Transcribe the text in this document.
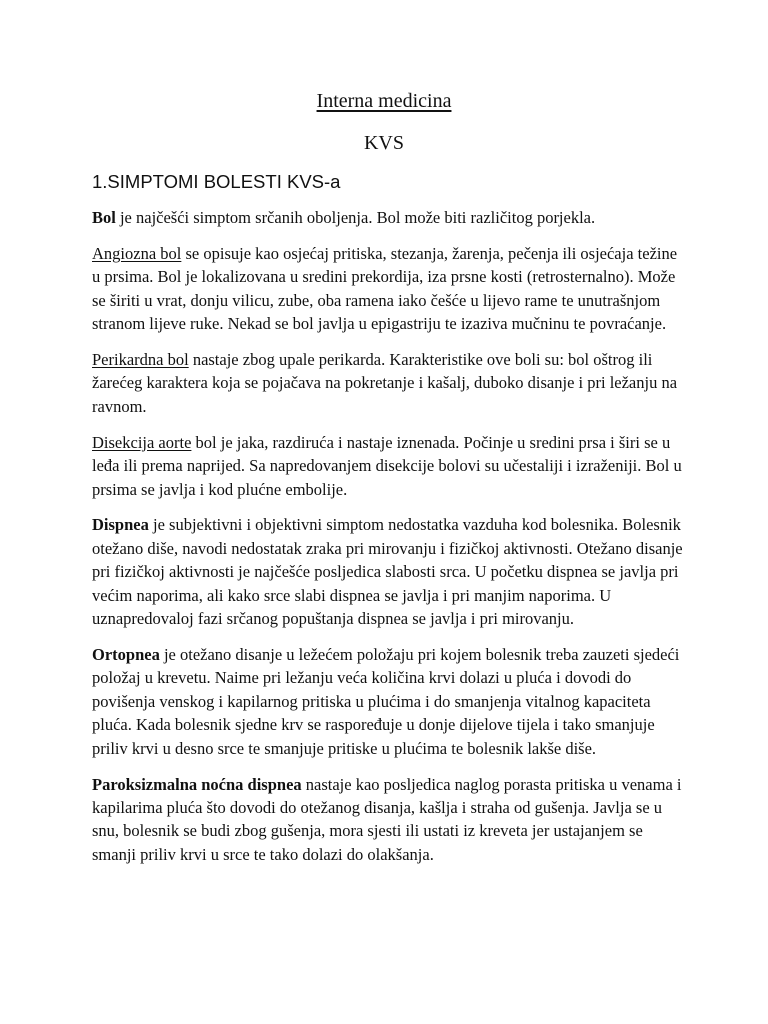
Interna medicina
KVS
1.SIMPTOMI BOLESTI KVS-a

Bol je najčešći simptom srčanih oboljenja. Bol može biti različitog porjekla.

Angiozna bol se opisuje kao osjećaj pritiska, stezanja, žarenja, pečenja ili osjećaja težine u prsima. Bol je lokalizovana u sredini prekordija, iza prsne kosti (retrosternalno). Može se širiti u vrat, donju vilicu, zube, oba ramena iako češće u lijevo rame te unutrašnjom stranom lijeve ruke. Nekad se bol javlja u epigastriju te izaziva mučninu te povraćanje.

Perikardna bol nastaje zbog upale perikarda. Karakteristike ove boli su: bol oštrog ili žarećeg karaktera koja se pojačava na pokretanje i kašalj, duboko disanje i pri ležanju na ravnom.

Disekcija aorte bol je jaka, razdiruća i nastaje iznenada. Počinje u sredini prsa i širi se u leđa ili prema naprijed. Sa napredovanjem disekcije bolovi su učestaliji i izraženiji. Bol u prsima se javlja i kod plućne embolije.

Dispnea je subjektivni i objektivni simptom nedostatka vazduha kod bolesnika. Bolesnik otežano diše, navodi nedostatak zraka pri mirovanju i fizičkoj aktivnosti. Otežano disanje pri fizičkoj aktivnosti je najčešće posljedica slabosti srca. U početku dispnea se javlja pri većim naporima, ali kako srce slabi dispnea se javlja i pri manjim naporima. U uznapredovaloj fazi srčanog popuštanja dispnea se javlja i pri mirovanju.

Ortopnea je otežano disanje u ležećem položaju pri kojem bolesnik treba zauzeti sjedeći položaj u krevetu. Naime pri ležanju veća količina krvi dolazi u pluća i dovodi do povišenja venskog i kapilarnog pritiska u plućima i do smanjenja vitalnog kapaciteta pluća. Kada bolesnik sjedne krv se raspoređuje u donje dijelove tijela i tako smanjuje priliv krvi u desno srce te smanjuje pritiske u plućima te bolesnik lakše diše.

Paroksizmalna noćna dispnea nastaje kao posljedica naglog porasta pritiska u venama i kapilarima pluća što dovodi do otežanog disanja, kašlja i straha od gušenja. Javlja se u snu, bolesnik se budi zbog gušenja, mora sjesti ili ustati iz kreveta jer ustajanjem se smanji priliv krvi u srce te tako dolazi do olakšanja.
